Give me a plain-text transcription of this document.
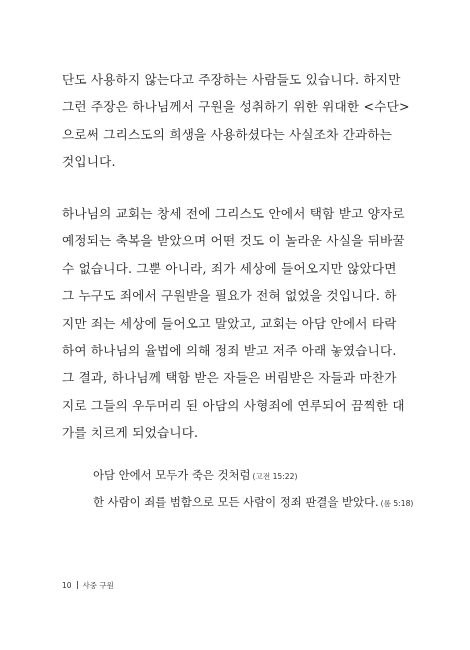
단도 사용하지 않는다고 주장하는 사람들도 있습니다. 하지만
그런 주장은 하나님께서 구원을 성취하기 위한 위대한 <수단>
으로써 그리스도의 희생을 사용하셨다는 사실조차 간과하는
것입니다.

하나님의 교회는 창세 전에 그리스도 안에서 택함 받고 양자로
예정되는 축복을 받았으며 어떤 것도 이 놀라운 사실을 뒤바꿀
수 없습니다. 그뿐 아니라, 죄가 세상에 들어오지만 않았다면
그 누구도 죄에서 구원받을 필요가 전혀 없었을 것입니다. 하
지만 죄는 세상에 들어오고 말았고, 교회는 아담 안에서 타락
하여 하나님의 율법에 의해 정죄 받고 저주 아래 놓였습니다.
그 결과, 하나님께 택함 받은 자들은 버림받은 자들과 마찬가
지로 그들의 우두머리 된 아담의 사형죄에 연루되어 끔찍한 대
가를 치르게 되었습니다.

아담 안에서 모두가 죽은 것처럼 (고전 15:22)
한 사람이 죄를 범함으로 모든 사람이 정죄 판결을 받았다. (롬 5:18)
10 사중 구원
